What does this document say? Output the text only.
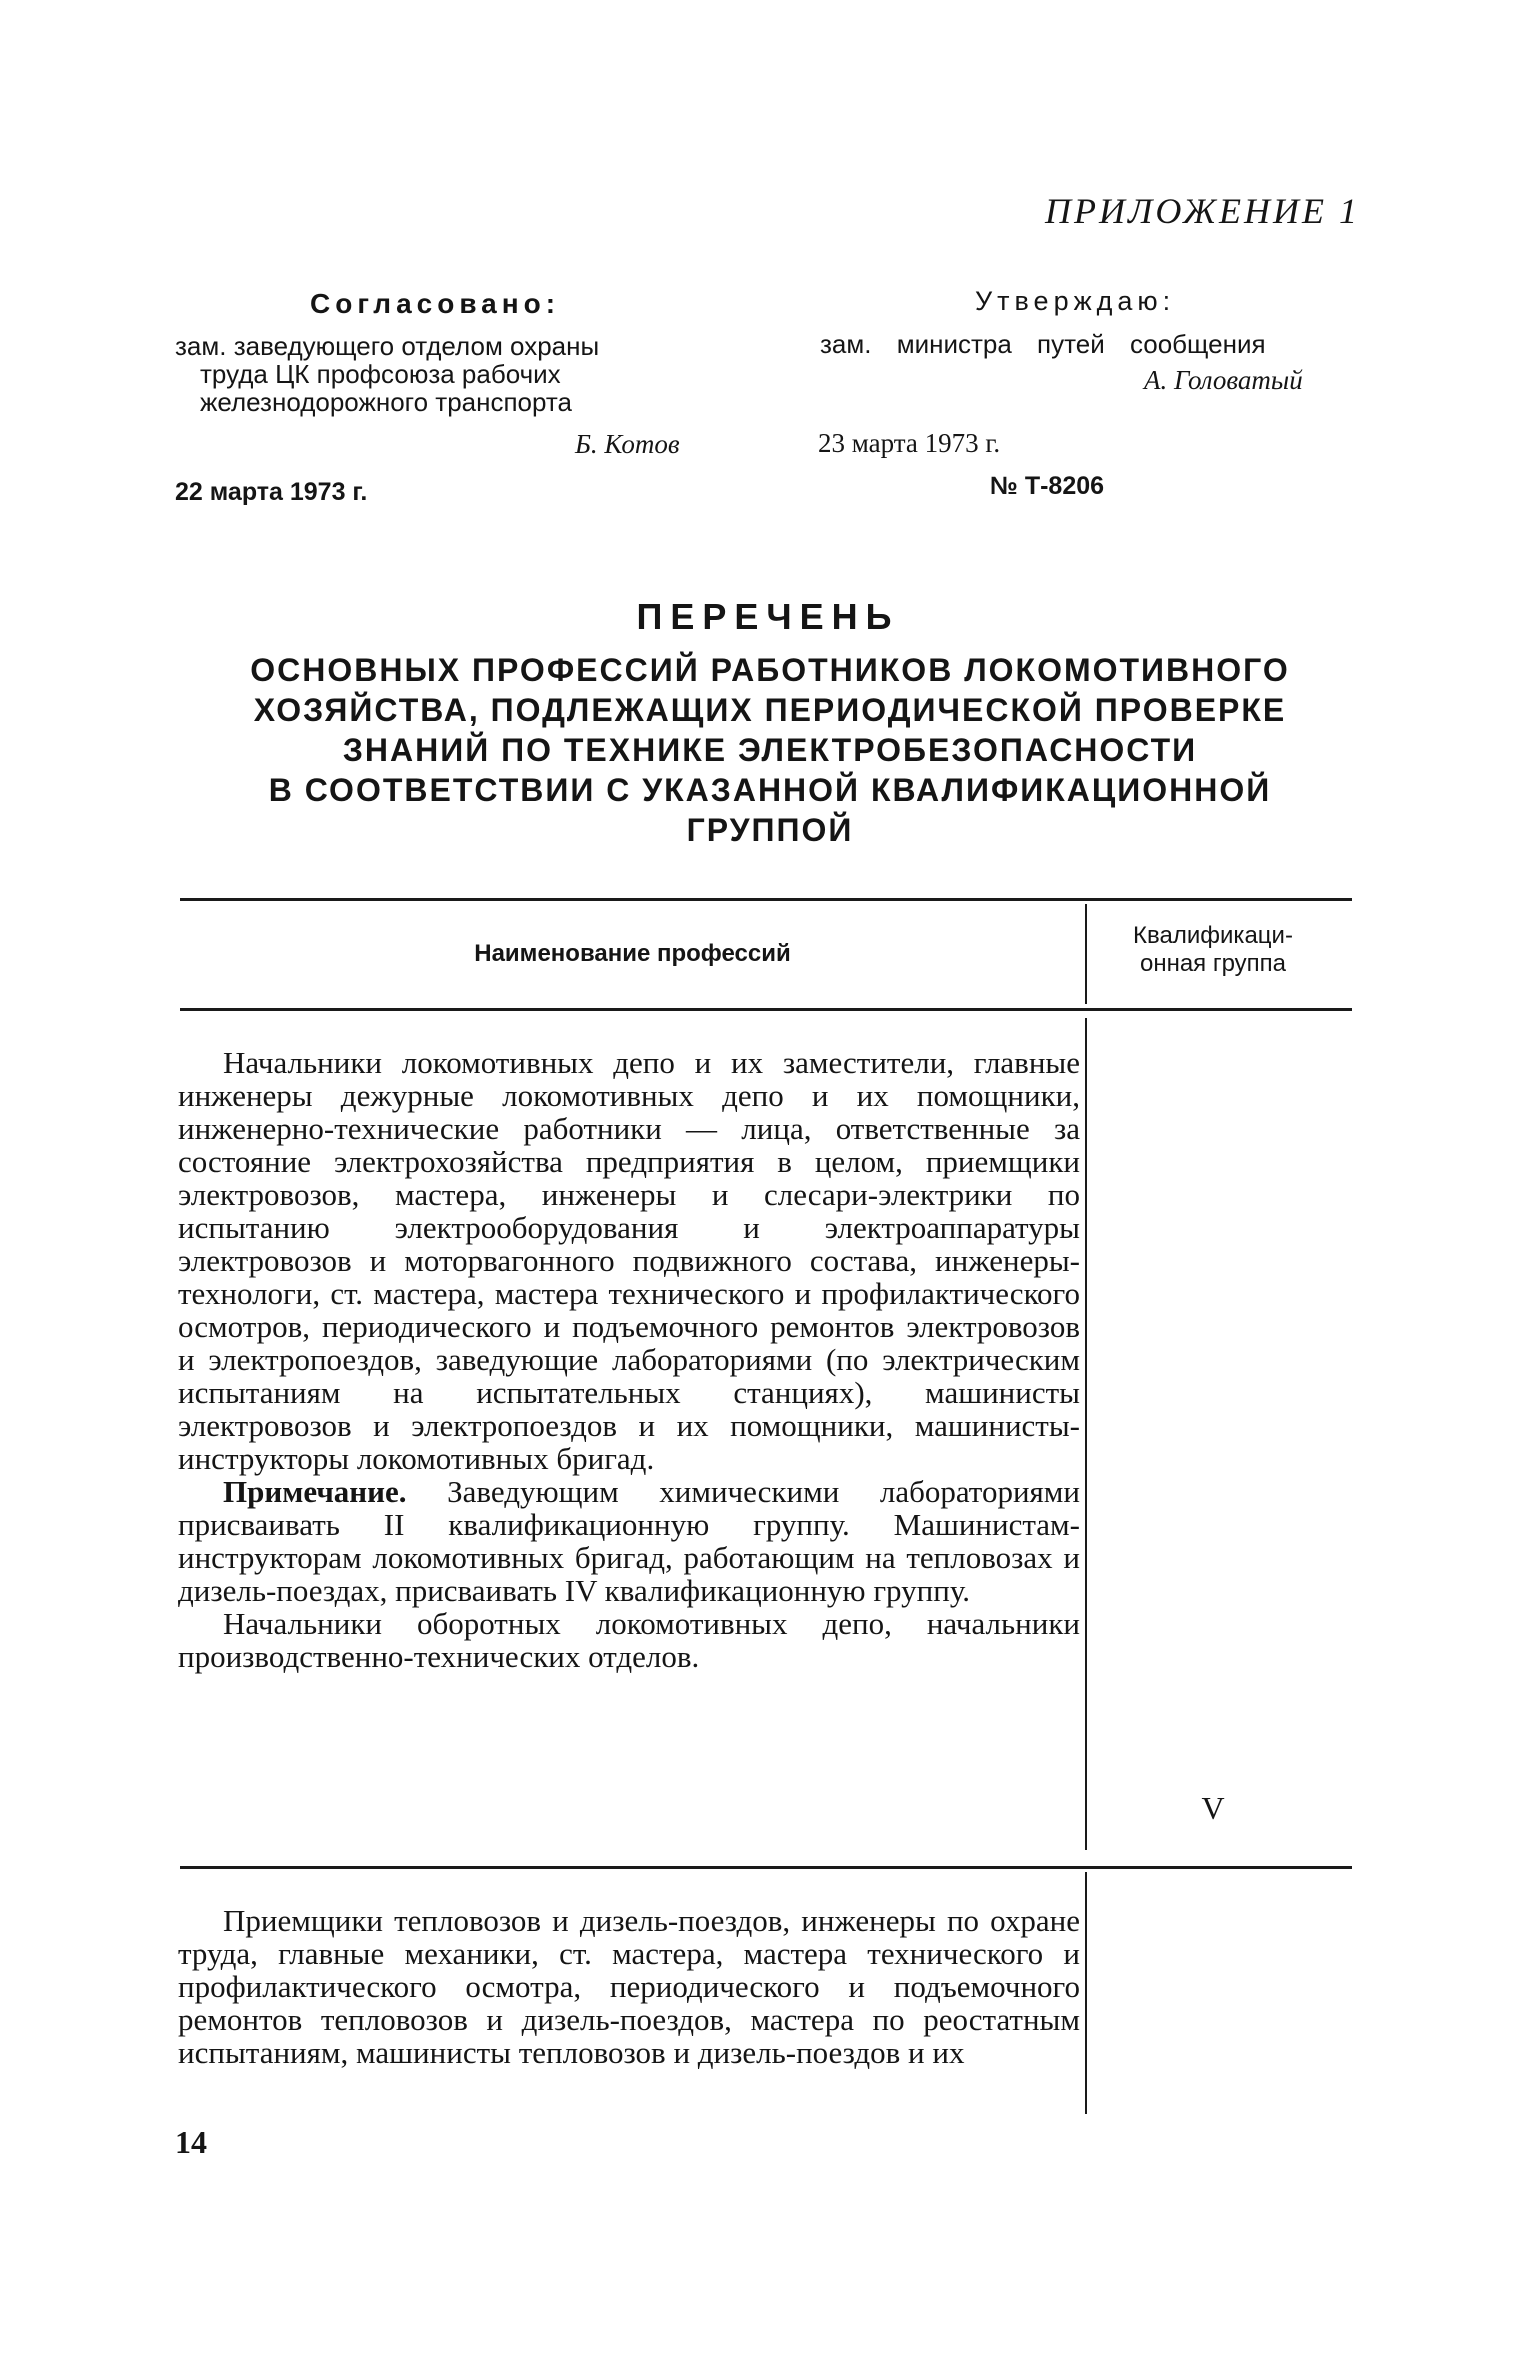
ПРИЛОЖЕНИЕ 1
Согласовано:	Утверждаю:
зам. заведующего отделом охраны
труда ЦК профсоюза рабочих
железнодорожного транспорта
Б. Котов
зам. министра путей сообщения
А. Головатый
22 марта 1973 г.
23 марта 1973 г.
№ Т-8206
ПЕРЕЧЕНЬ
ОСНОВНЫХ ПРОФЕССИЙ РАБОТНИКОВ ЛОКОМОТИВНОГО
ХОЗЯЙСТВА, ПОДЛЕЖАЩИХ ПЕРИОДИЧЕСКОЙ ПРОВЕРКЕ
ЗНАНИЙ ПО ТЕХНИКЕ ЭЛЕКТРОБЕЗОПАСНОСТИ
В СООТВЕТСТВИИ С УКАЗАННОЙ КВАЛИФИКАЦИОННОЙ
ГРУППОЙ
Наименование профессий
Квалификаци-
онная группа

Начальники локомотивных депо и их заместители, главные инженеры дежурные локомотивных депо и их помощники, инженерно-технические работники — лица, ответственные за состояние электрохозяйства предприятия в целом, приемщики электровозов, мастера, инженеры и слесари-электрики по испытанию электрооборудования и электроаппаратуры электровозов и моторвагонного подвижного состава, инженеры-технологи, ст. мастера, мастера технического и профилактического осмотров, периодического и подъемочного ремонтов электровозов и электропоездов, заведующие лабораториями (по электрическим испытаниям на испытательных станциях), машинисты электровозов и электропоездов и их помощники, машинисты-инструкторы локомотивных бригад.

Примечание. Заведующим химическими лабораториями присваивать II квалификационную группу. Машинистам-инструкторам локомотивных бригад, работающим на тепловозах и дизель-поездах, присваивать IV квалификационную группу.

Начальники оборотных локомотивных депо, начальники производственно-технических отделов.

V

Приемщики тепловозов и дизель-поездов, инженеры по охране труда, главные механики, ст. мастера, мастера технического и профилактического осмотра, периодического и подъемочного ремонтов тепловозов и дизель-поездов, мастера по реостатным испытаниям, машинисты тепловозов и дизель-поездов и их

14
